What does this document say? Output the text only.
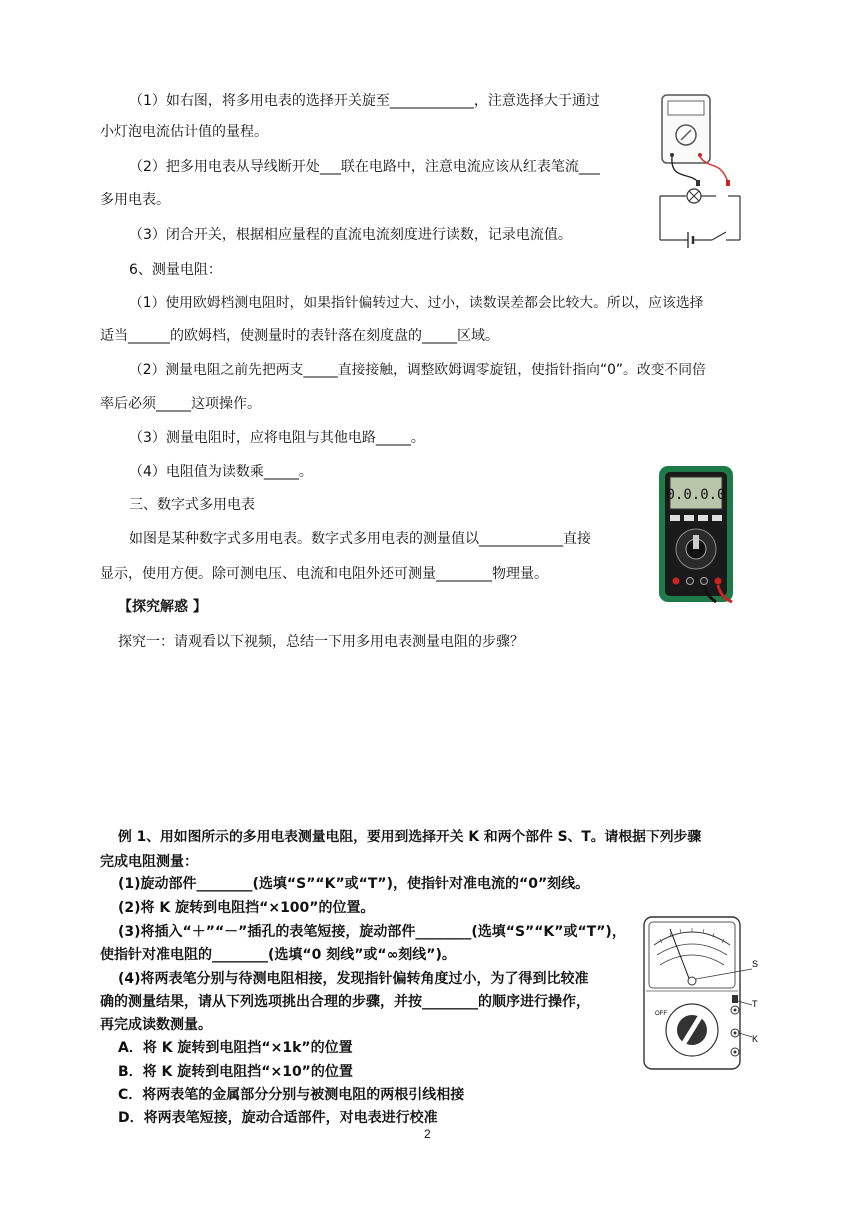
（1）如右图，将多用电表的选择开关旋至____________，注意选择大于通过
小灯泡电流估计值的量程。
（2）把多用电表从导线断开处___联在电路中，注意电流应该从红表笔流___
多用电表。
（3）闭合开关，根据相应量程的直流电流刻度进行读数，记录电流值。
6、测量电阻：
（1）使用欧姆档测电阻时，如果指针偏转过大、过小，读数误差都会比较大。所以，应该选择
适当______的欧姆档，使测量时的表针落在刻度盘的_____区域。
（2）测量电阻之前先把两支_____直接接触，调整欧姆调零旋钮，使指针指向“0”。改变不同倍
率后必须_____这项操作。
（3）测量电阻时，应将电阻与其他电路_____。
（4）电阻值为读数乘_____。
三、数字式多用电表
如图是某种数字式多用电表。数字式多用电表的测量值以____________直接
显示，使用方便。除可测电压、电流和电阻外还可测量________物理量。
【探究解惑 】
探究一：请观看以下视频，总结一下用多用电表测量电阻的步骤？
例 1、用如图所示的多用电表测量电阻，要用到选择开关 K 和两个部件 S、T。请根据下列步骤
完成电阻测量：
(1)旋动部件________(选填“S”“K”或“T”)，使指针对准电流的“0”刻线。
(2)将 K 旋转到电阻挡“×100”的位置。
(3)将插入“＋”“－”插孔的表笔短接，旋动部件________(选填“S”“K”或“T”)，
使指针对准电阻的________(选填“0 刻线”或“∞刻线”)。
(4)将两表笔分别与待测电阻相接，发现指针偏转角度过小，为了得到比较准
确的测量结果，请从下列选项挑出合理的步骤，并按________的顺序进行操作，
再完成读数测量。
A．将 K 旋转到电阻挡“×1k”的位置
B．将 K 旋转到电阻挡“×10”的位置
C．将两表笔的金属部分分别与被测电阻的两根引线相接
D．将两表笔短接，旋动合适部件，对电表进行校准
0.0.0.0
S
OFF
T
K
2
